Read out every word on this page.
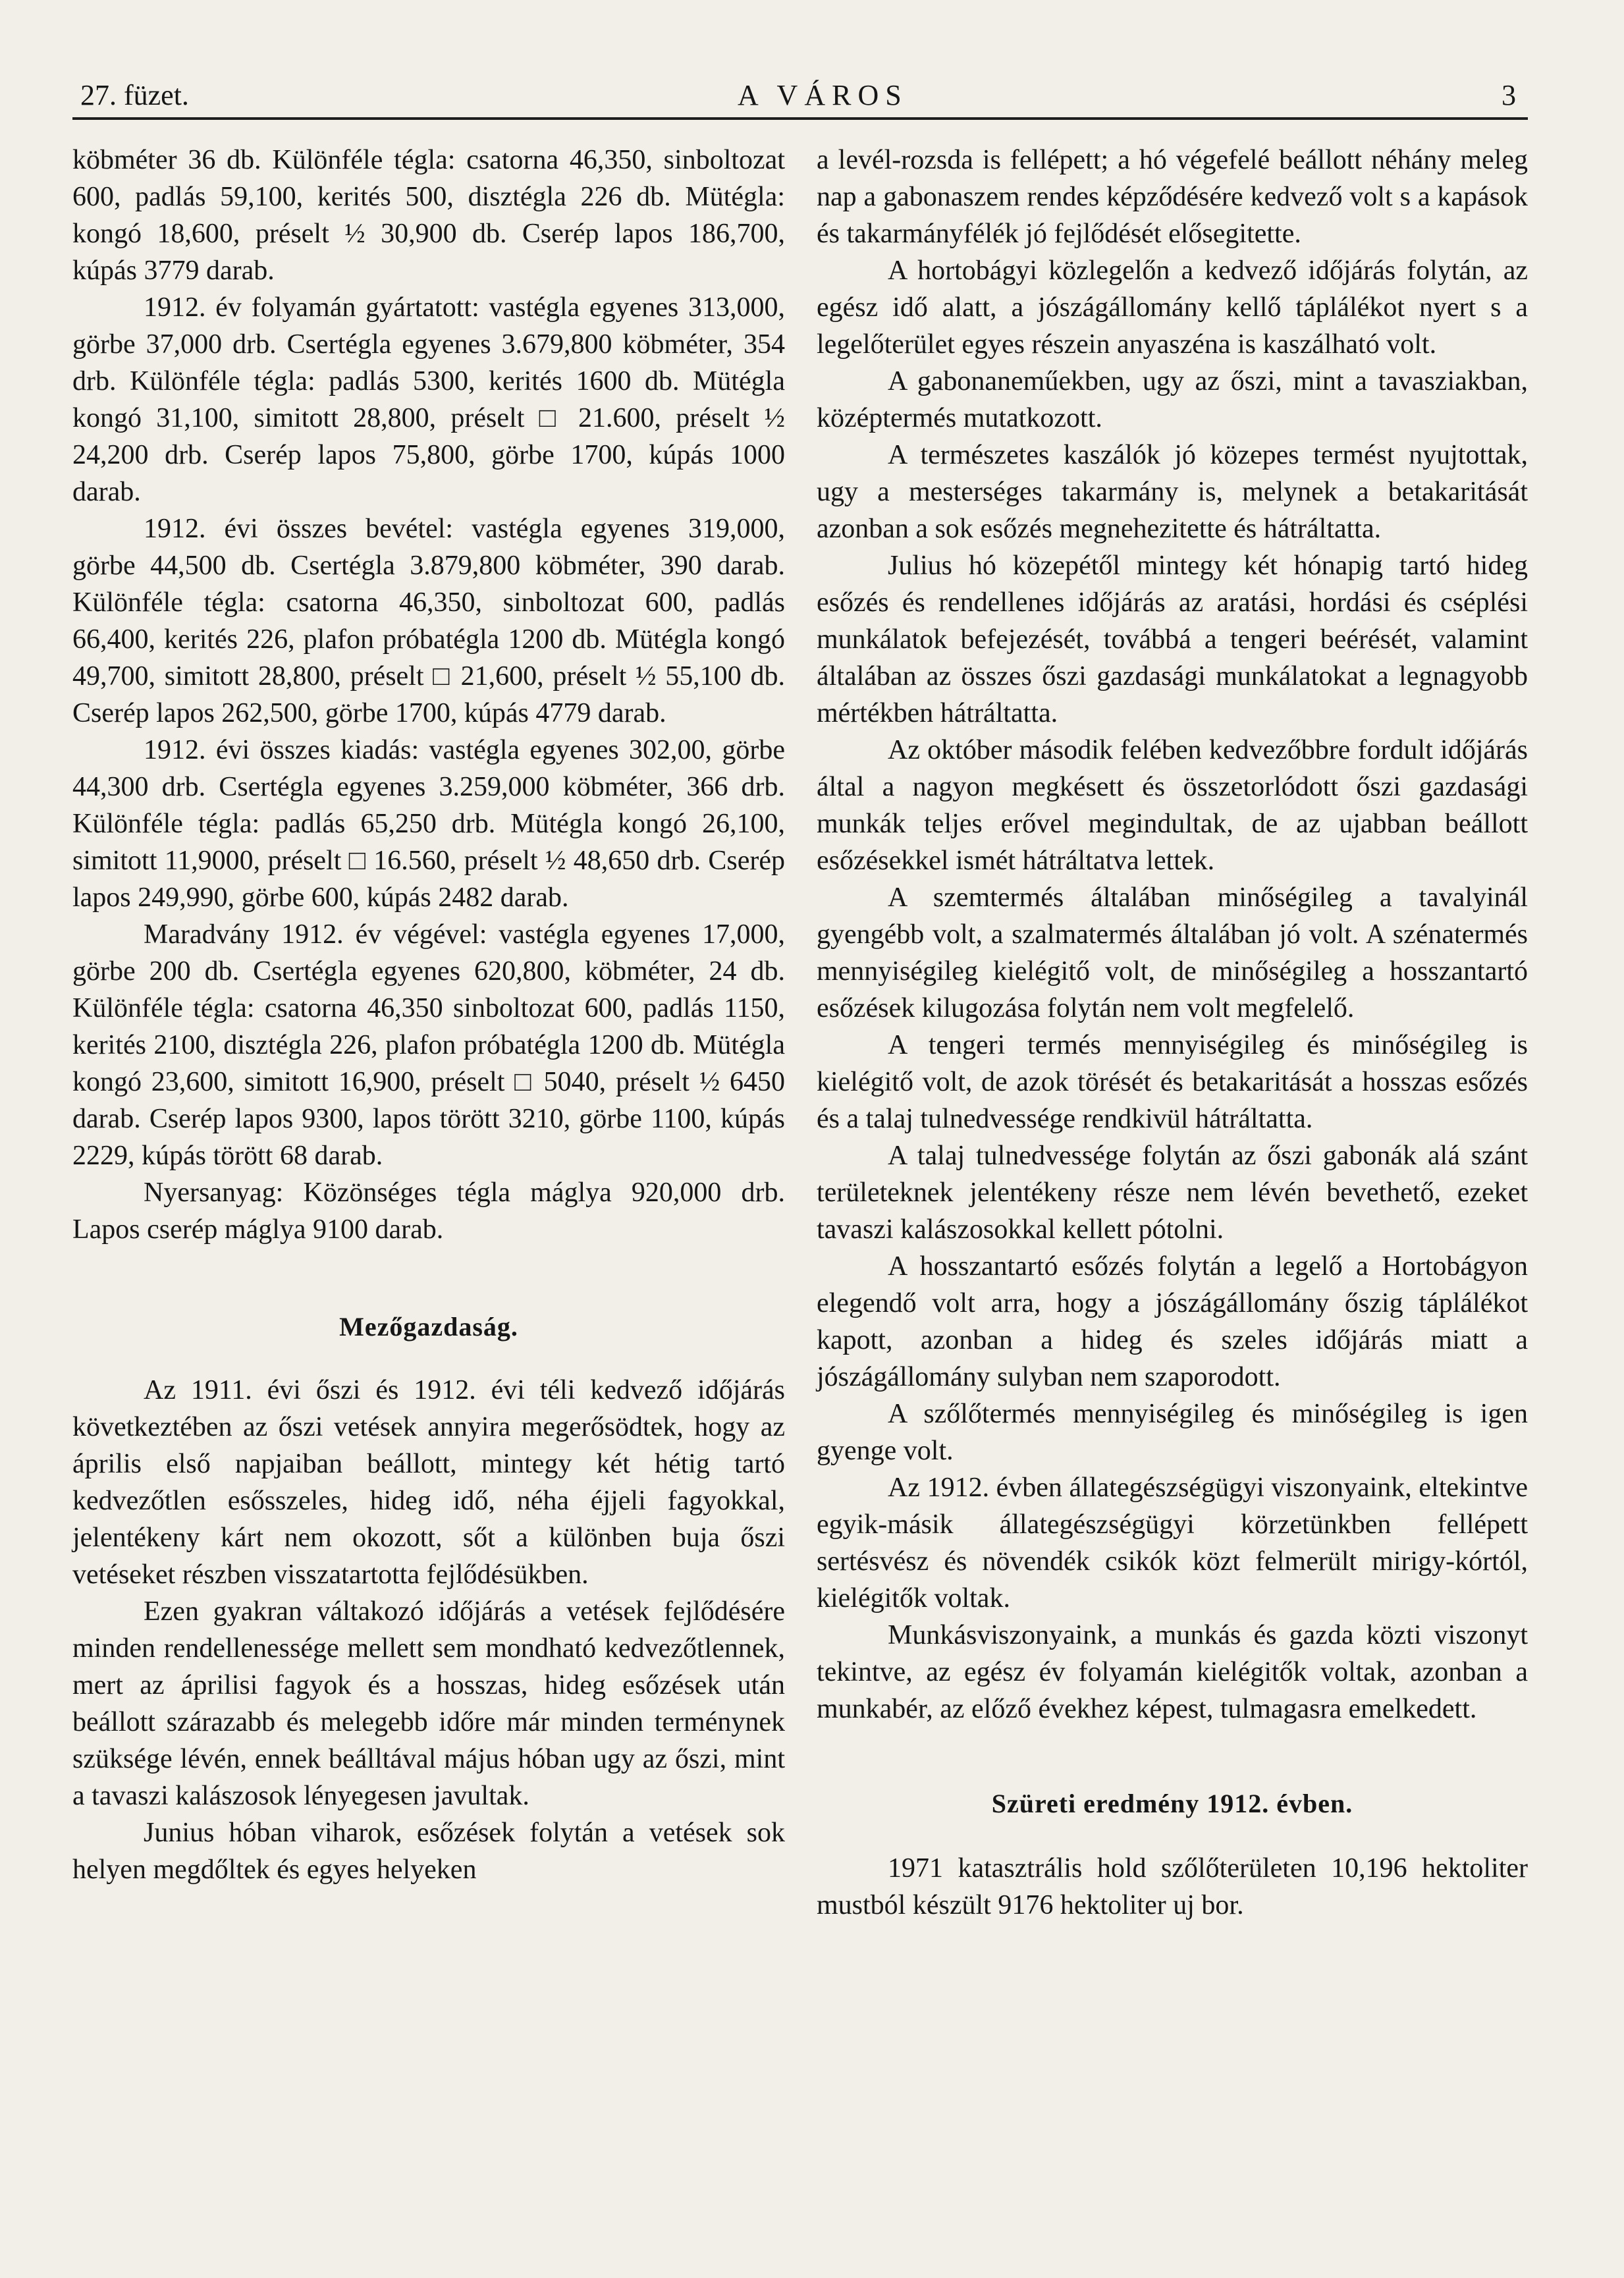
27. füzet.	A VÁROS	3

köbméter 36 db. Különféle tégla: csatorna 46,350, sinboltozat 600, padlás 59,100, kerités 500, disztégla 226 db. Mütégla: kongó 18,600, préselt ½ 30,900 db. Cserép lapos 186,700, kúpás 3779 darab.

1912. év folyamán gyártatott: vastégla egyenes 313,000, görbe 37,000 drb. Csertégla egyenes 3.679,800 köbméter, 354 drb. Különféle tégla: padlás 5300, kerités 1600 db. Mütégla kongó 31,100, simitott 28,800, préselt □ 21.600, préselt ½ 24,200 drb. Cserép lapos 75,800, görbe 1700, kúpás 1000 darab.

1912. évi összes bevétel: vastégla egyenes 319,000, görbe 44,500 db. Csertégla 3.879,800 köbméter, 390 darab. Különféle tégla: csatorna 46,350, sinboltozat 600, padlás 66,400, kerités 226, plafon próbatégla 1200 db. Mütégla kongó 49,700, simitott 28,800, préselt □ 21,600, préselt ½ 55,100 db. Cserép lapos 262,500, görbe 1700, kúpás 4779 darab.

1912. évi összes kiadás: vastégla egyenes 302,00, görbe 44,300 drb. Csertégla egyenes 3.259,000 köbméter, 366 drb. Különféle tégla: padlás 65,250 drb. Mütégla kongó 26,100, simitott 11,9000, préselt □ 16.560, préselt ½ 48,650 drb. Cserép lapos 249,990, görbe 600, kúpás 2482 darab.

Maradvány 1912. év végével: vastégla egyenes 17,000, görbe 200 db. Csertégla egyenes 620,800, köbméter, 24 db. Különféle tégla: csatorna 46,350 sinboltozat 600, padlás 1150, kerités 2100, disztégla 226, plafon próbatégla 1200 db. Mütégla kongó 23,600, simitott 16,900, préselt □ 5040, préselt ½ 6450 darab. Cserép lapos 9300, lapos törött 3210, görbe 1100, kúpás 2229, kúpás törött 68 darab.

Nyersanyag: Közönséges tégla máglya 920,000 drb. Lapos cserép máglya 9100 darab.

Mezőgazdaság.

Az 1911. évi őszi és 1912. évi téli kedvező időjárás következtében az őszi vetések annyira megerősödtek, hogy az április első napjaiban beállott, mintegy két hétig tartó kedvezőtlen esősszeles, hideg idő, néha éjjeli fagyokkal, jelentékeny kárt nem okozott, sőt a különben buja őszi vetéseket részben visszatartotta fejlődésükben.

Ezen gyakran váltakozó időjárás a vetések fejlődésére minden rendellenessége mellett sem mondható kedvezőtlennek, mert az áprilisi fagyok és a hosszas, hideg esőzések után beállott szárazabb és melegebb időre már minden terménynek szüksége lévén, ennek beálltával május hóban ugy az őszi, mint a tavaszi kalászosok lényegesen javultak.

Junius hóban viharok, esőzések folytán a vetések sok helyen megdőltek és egyes helyeken

a levél-rozsda is fellépett; a hó végefelé beállott néhány meleg nap a gabonaszem rendes képződésére kedvező volt s a kapások és takarmányfélék jó fejlődését elősegitette.

A hortobágyi közlegelőn a kedvező időjárás folytán, az egész idő alatt, a jószágállomány kellő táplálékot nyert s a legelőterület egyes részein anyaszéna is kaszálható volt.

A gabonaneműekben, ugy az őszi, mint a tavasziakban, középtermés mutatkozott.

A természetes kaszálók jó közepes termést nyujtottak, ugy a mesterséges takarmány is, melynek a betakaritását azonban a sok esőzés megnehezitette és hátráltatta.

Julius hó közepétől mintegy két hónapig tartó hideg esőzés és rendellenes időjárás az aratási, hordási és cséplési munkálatok befejezését, továbbá a tengeri beérését, valamint általában az összes őszi gazdasági munkálatokat a legnagyobb mértékben hátráltatta.

Az október második felében kedvezőbbre fordult időjárás által a nagyon megkésett és összetorlódott őszi gazdasági munkák teljes erővel megindultak, de az ujabban beállott esőzésekkel ismét hátráltatva lettek.

A szemtermés általában minőségileg a tavalyinál gyengébb volt, a szalmatermés általában jó volt. A szénatermés mennyiségileg kielégitő volt, de minőségileg a hosszantartó esőzések kilugozása folytán nem volt megfelelő.

A tengeri termés mennyiségileg és minőségileg is kielégitő volt, de azok törését és betakaritását a hosszas esőzés és a talaj tulnedvessége rendkivül hátráltatta.

A talaj tulnedvessége folytán az őszi gabonák alá szánt területeknek jelentékeny része nem lévén bevethető, ezeket tavaszi kalászosokkal kellett pótolni.

A hosszantartó esőzés folytán a legelő a Hortobágyon elegendő volt arra, hogy a jószágállomány őszig táplálékot kapott, azonban a hideg és szeles időjárás miatt a jószágállomány sulyban nem szaporodott.

A szőlőtermés mennyiségileg és minőségileg is igen gyenge volt.

Az 1912. évben állategészségügyi viszonyaink, eltekintve egyik-másik állategészségügyi körzetünkben fellépett sertésvész és növendék csikók közt felmerült mirigy-kórtól, kielégitők voltak.

Munkásviszonyaink, a munkás és gazda közti viszonyt tekintve, az egész év folyamán kielégitők voltak, azonban a munkabér, az előző évekhez képest, tulmagasra emelkedett.

Szüreti eredmény 1912. évben.

1971 katasztrális hold szőlőterületen 10,196 hektoliter mustból készült 9176 hektoliter uj bor.
